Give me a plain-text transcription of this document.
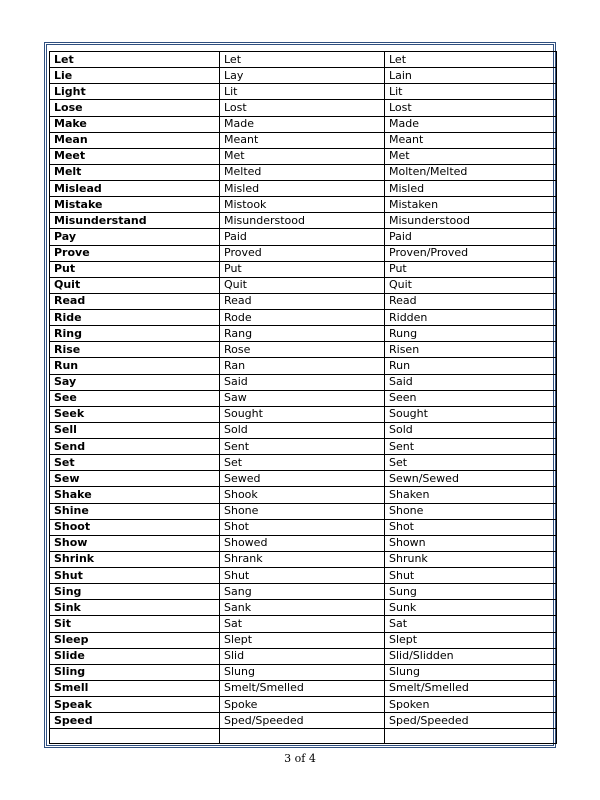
Let	Let	Let
Lie	Lay	Lain
Light	Lit	Lit
Lose	Lost	Lost
Make	Made	Made
Mean	Meant	Meant
Meet	Met	Met
Melt	Melted	Molten/Melted
Mislead	Misled	Misled
Mistake	Mistook	Mistaken
Misunderstand	Misunderstood	Misunderstood
Pay	Paid	Paid
Prove	Proved	Proven/Proved
Put	Put	Put
Quit	Quit	Quit
Read	Read	Read
Ride	Rode	Ridden
Ring	Rang	Rung
Rise	Rose	Risen
Run	Ran	Run
Say	Said	Said
See	Saw	Seen
Seek	Sought	Sought
Sell	Sold	Sold
Send	Sent	Sent
Set	Set	Set
Sew	Sewed	Sewn/Sewed
Shake	Shook	Shaken
Shine	Shone	Shone
Shoot	Shot	Shot
Show	Showed	Shown
Shrink	Shrank	Shrunk
Shut	Shut	Shut
Sing	Sang	Sung
Sink	Sank	Sunk
Sit	Sat	Sat
Sleep	Slept	Slept
Slide	Slid	Slid/Slidden
Sling	Slung	Slung
Smell	Smelt/Smelled	Smelt/Smelled
Speak	Spoke	Spoken
Speed	Sped/Speeded	Sped/Speeded

3 of 4
